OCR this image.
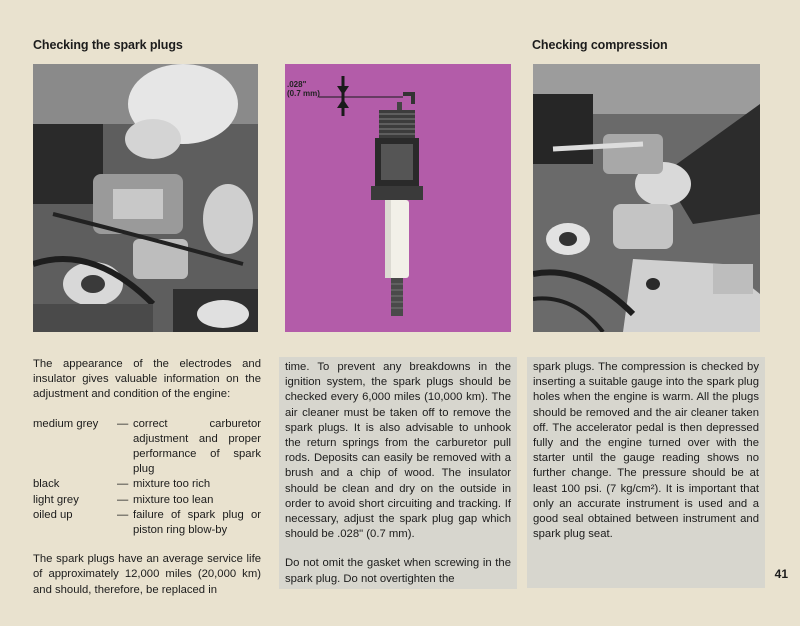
Checking the spark plugs	Checking compression
.028"
(0.7 mm)

The appearance of the electrodes and insulator gives valuable information on the adjustment and condition of the engine:

medium grey	— correct carburetor adjustment and proper performance of spark plug
black	— mixture too rich
light grey	— mixture too lean
oiled up	— failure of spark plug or piston ring blow-by

The spark plugs have an average service life of approximately 12,000 miles (20,000 km) and should, therefore, be replaced in

time. To prevent any breakdowns in the ignition system, the spark plugs should be checked every 6,000 miles (10,000 km). The air cleaner must be taken off to remove the spark plugs. It is also advisable to unhook the return springs from the carburetor pull rods. Deposits can easily be removed with a brush and a chip of wood. The insulator should be clean and dry on the outside in order to avoid short circuiting and tracking. If necessary, adjust the spark plug gap which should be .028" (0.7 mm).

Do not omit the gasket when screwing in the spark plug. Do not overtighten the

spark plugs. The compression is checked by inserting a suitable gauge into the spark plug holes when the engine is warm. All the plugs should be removed and the air cleaner taken off. The accelerator pedal is then depressed fully and the engine turned over with the starter until the gauge reading shows no further change. The pressure should be at least 100 psi. (7 kg/cm²). It is important that only an accurate instrument is used and a good seal obtained between instrument and spark plug seat.

41
